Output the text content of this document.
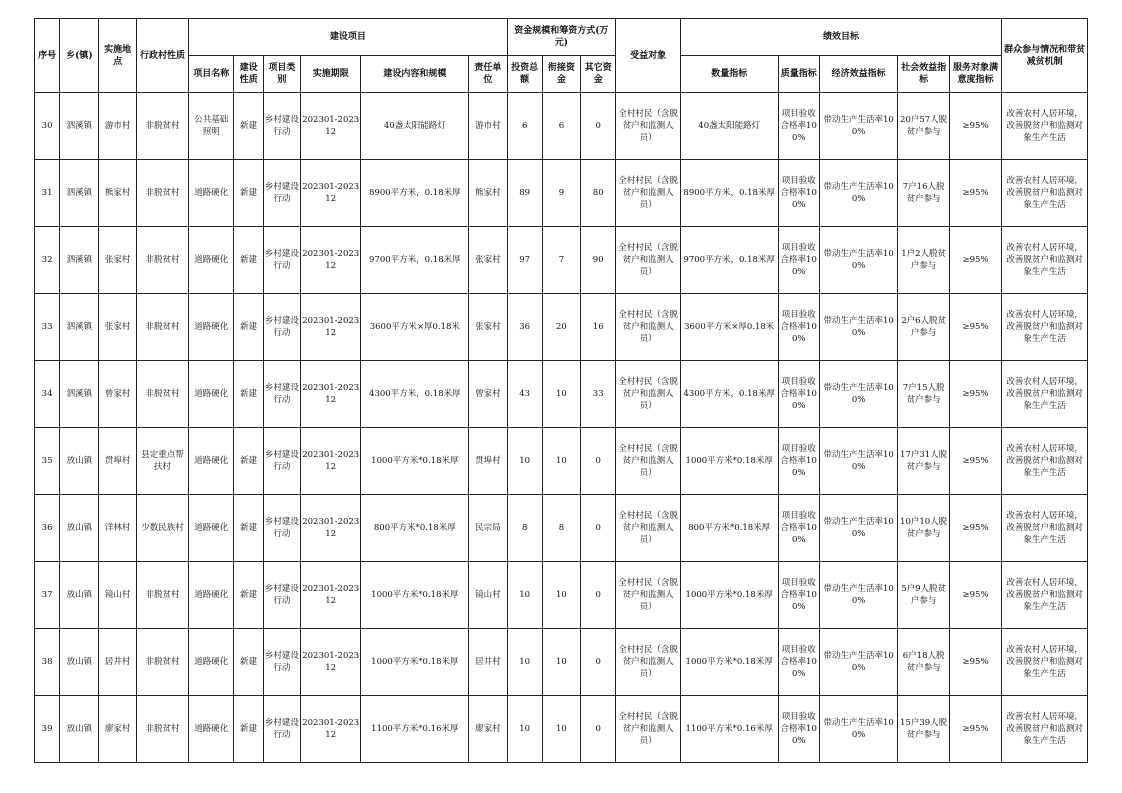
序号	乡(镇)	实施地点	行政村性质	建设项目						资金规模和筹资方式(万元)			受益对象	绩效目标					群众参与情况和带贫减贫机制
				项目名称	建设性质	项目类别	实施期限	建设内容和规模	责任单位	投资总额	衔接资金	其它资金		数量指标	质量指标	经济效益指标	社会效益指标	服务对象满意度指标	
30	泗溪镇	游市村	非脱贫村	公共基础照明	新建	乡村建设行动	202301-202312	40盏太阳能路灯	游市村	6	6	0	全村村民（含脱贫户和监测人员）	40盏太阳能路灯	项目验收合格率100%	带动生产生活率100%	20户57人脱贫户参与	≥95%	改善农村人居环境，改善脱贫户和监测对象生产生活
31	泗溪镇	熊家村	非脱贫村	道路硬化	新建	乡村建设行动	202301-202312	8900平方米，0.18米厚	熊家村	89	9	80	全村村民（含脱贫户和监测人员）	8900平方米，0.18米厚	项目验收合格率100%	带动生产生活率100%	7户16人脱贫户参与	≥95%	改善农村人居环境，改善脱贫户和监测对象生产生活
32	泗溪镇	张家村	非脱贫村	道路硬化	新建	乡村建设行动	202301-202312	9700平方米，0.18米厚	张家村	97	7	90	全村村民（含脱贫户和监测人员）	9700平方米，0.18米厚	项目验收合格率100%	带动生产生活率100%	1户2人脱贫户参与	≥95%	改善农村人居环境，改善脱贫户和监测对象生产生活
33	泗溪镇	张家村	非脱贫村	道路硬化	新建	乡村建设行动	202301-202312	3600平方米×厚0.18米	张家村	36	20	16	全村村民（含脱贫户和监测人员）	3600平方米×厚0.18米	项目验收合格率100%	带动生产生活率100%	2户6人脱贫户参与	≥95%	改善农村人居环境，改善脱贫户和监测对象生产生活
34	泗溪镇	曾家村	非脱贫村	道路硬化	新建	乡村建设行动	202301-202312	4300平方米，0.18米厚	曾家村	43	10	33	全村村民（含脱贫户和监测人员）	4300平方米，0.18米厚	项目验收合格率100%	带动生产生活率100%	7户15人脱贫户参与	≥95%	改善农村人居环境，改善脱贫户和监测对象生产生活
35	放山镇	贯埠村	县定重点帮扶村	道路硬化	新建	乡村建设行动	202301-202312	1000平方米*0.18米厚	贯埠村	10	10	0	全村村民（含脱贫户和监测人员）	1000平方米*0.18米厚	项目验收合格率100%	带动生产生活率100%	17户31人脱贫户参与	≥95%	改善农村人居环境，改善脱贫户和监测对象生产生活
36	放山镇	洋林村	少数民族村	道路硬化	新建	乡村建设行动	202301-202312	800平方米*0.18米厚	民宗局	8	8	0	全村村民（含脱贫户和监测人员）	800平方米*0.18米厚	项目验收合格率100%	带动生产生活率100%	10户10人脱贫户参与	≥95%	改善农村人居环境，改善脱贫户和监测对象生产生活
37	放山镇	镜山村	非脱贫村	道路硬化	新建	乡村建设行动	202301-202312	1000平方米*0.18米厚	镜山村	10	10	0	全村村民（含脱贫户和监测人员）	1000平方米*0.18米厚	项目验收合格率100%	带动生产生活率100%	5户9人脱贫户参与	≥95%	改善农村人居环境，改善脱贫户和监测对象生产生活
38	放山镇	居井村	非脱贫村	道路硬化	新建	乡村建设行动	202301-202312	1000平方米*0.18米厚	居井村	10	10	0	全村村民（含脱贫户和监测人员）	1000平方米*0.18米厚	项目验收合格率100%	带动生产生活率100%	6户18人脱贫户参与	≥95%	改善农村人居环境，改善脱贫户和监测对象生产生活
39	放山镇	廖家村	非脱贫村	道路硬化	新建	乡村建设行动	202301-202312	1100平方米*0.16米厚	廖家村	10	10	0	全村村民（含脱贫户和监测人员）	1100平方米*0.16米厚	项目验收合格率100%	带动生产生活率100%	15户39人脱贫户参与	≥95%	改善农村人居环境，改善脱贫户和监测对象生产生活
